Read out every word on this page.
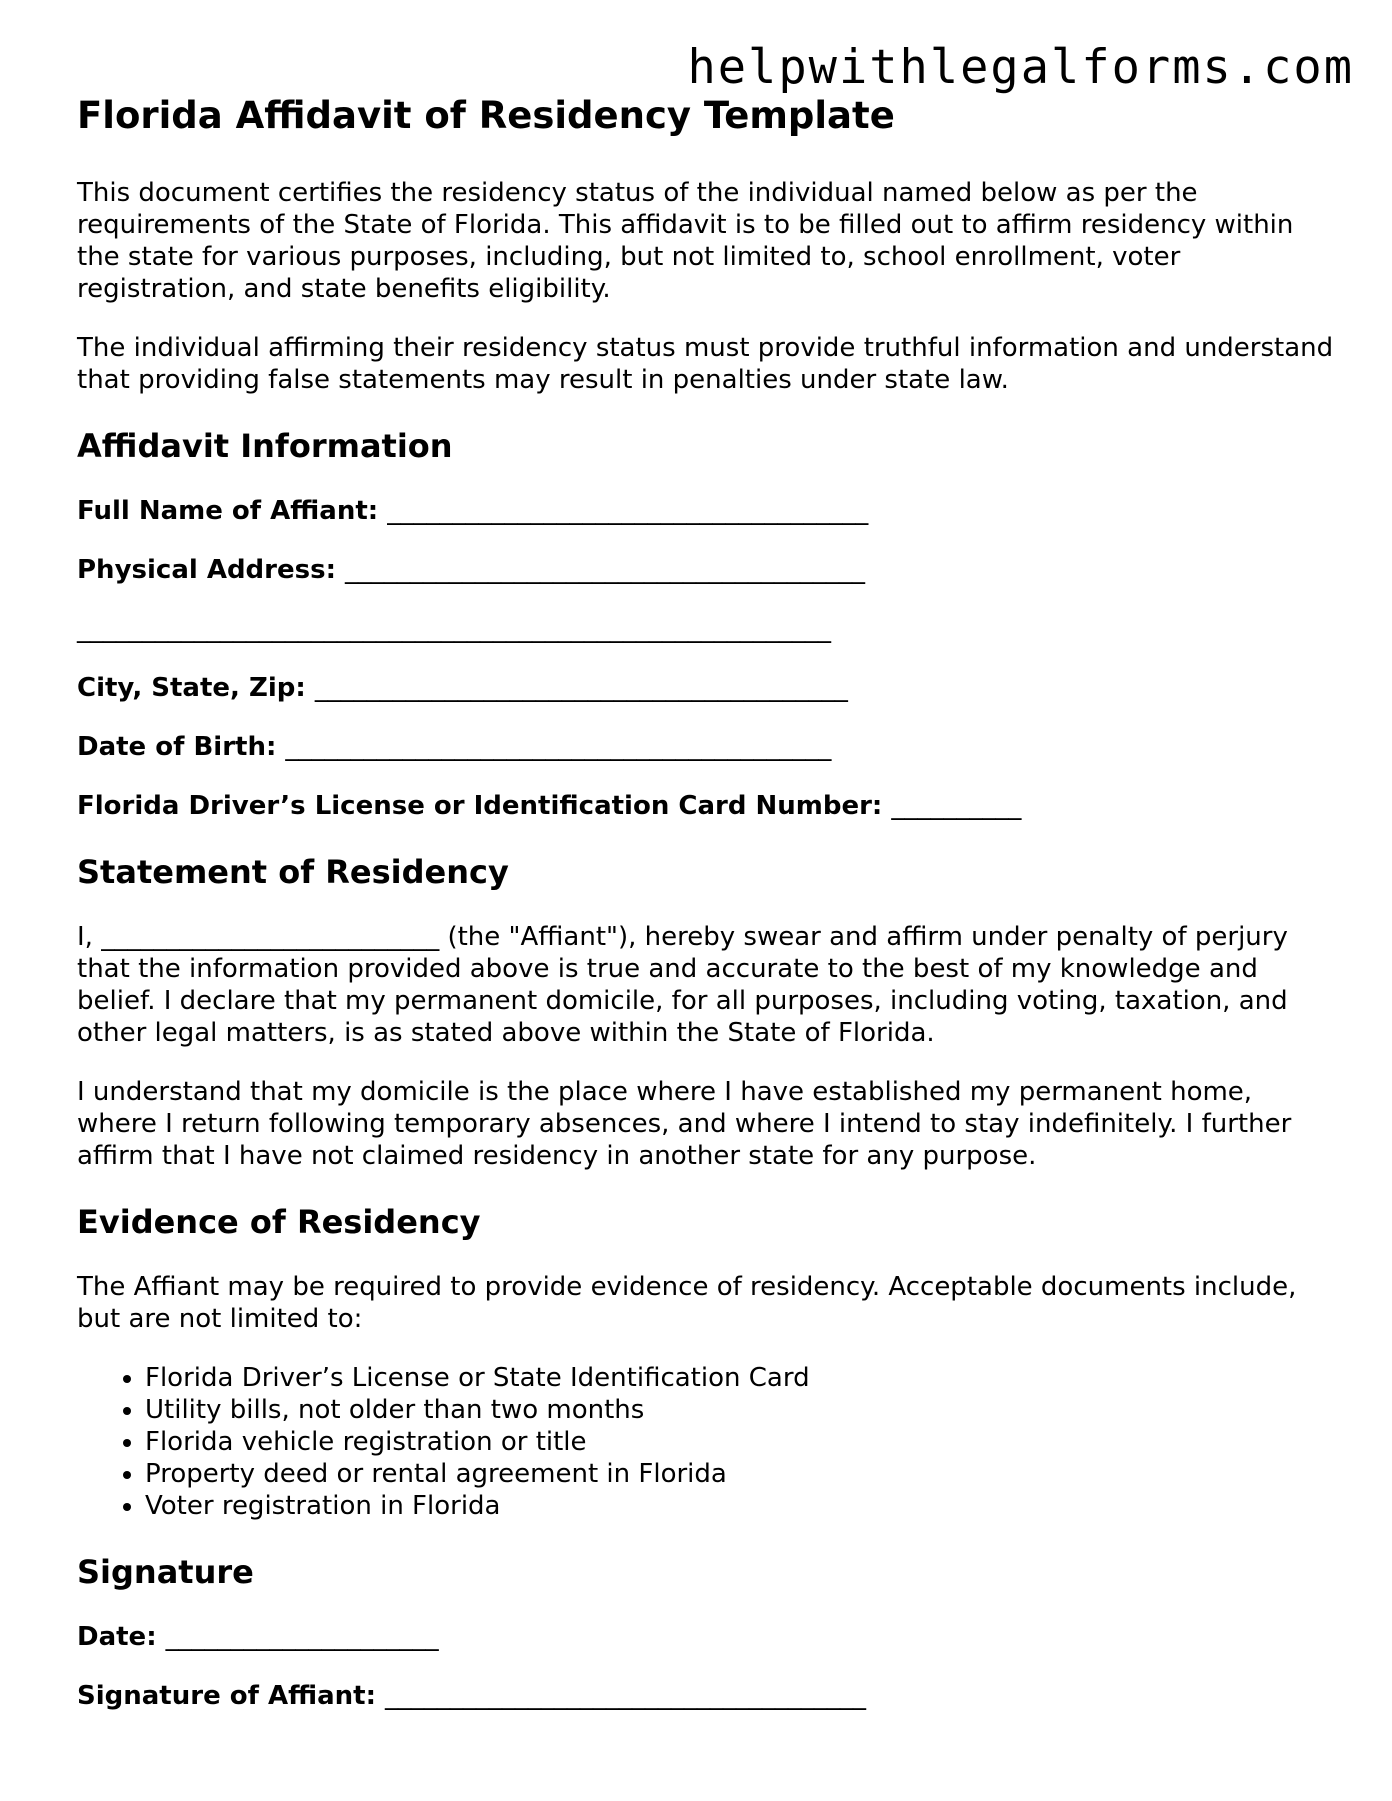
helpwithlegalforms.com
Florida Affidavit of Residency Template

This document certifies the residency status of the individual named below as per the requirements of the State of Florida. This affidavit is to be filled out to affirm residency within the state for various purposes, including, but not limited to, school enrollment, voter registration, and state benefits eligibility.

The individual affirming their residency status must provide truthful information and understand that providing false statements may result in penalties under state law.

Affidavit Information
Full Name of Affiant: _____________________________________
Physical Address: ________________________________________
__________________________________________________________
City, State, Zip: _________________________________________
Date of Birth: __________________________________________
Florida Driver’s License or Identification Card Number: __________
Statement of Residency

I, __________________________ (the "Affiant"), hereby swear and affirm under penalty of perjury that the information provided above is true and accurate to the best of my knowledge and belief. I declare that my permanent domicile, for all purposes, including voting, taxation, and other legal matters, is as stated above within the State of Florida.

I understand that my domicile is the place where I have established my permanent home, where I return following temporary absences, and where I intend to stay indefinitely. I further affirm that I have not claimed residency in another state for any purpose.

Evidence of Residency

The Affiant may be required to provide evidence of residency. Acceptable documents include, but are not limited to:

• Florida Driver’s License or State Identification Card
• Utility bills, not older than two months
• Florida vehicle registration or title
• Property deed or rental agreement in Florida
• Voter registration in Florida
Signature
Date: _____________________
Signature of Affiant: _____________________________________
